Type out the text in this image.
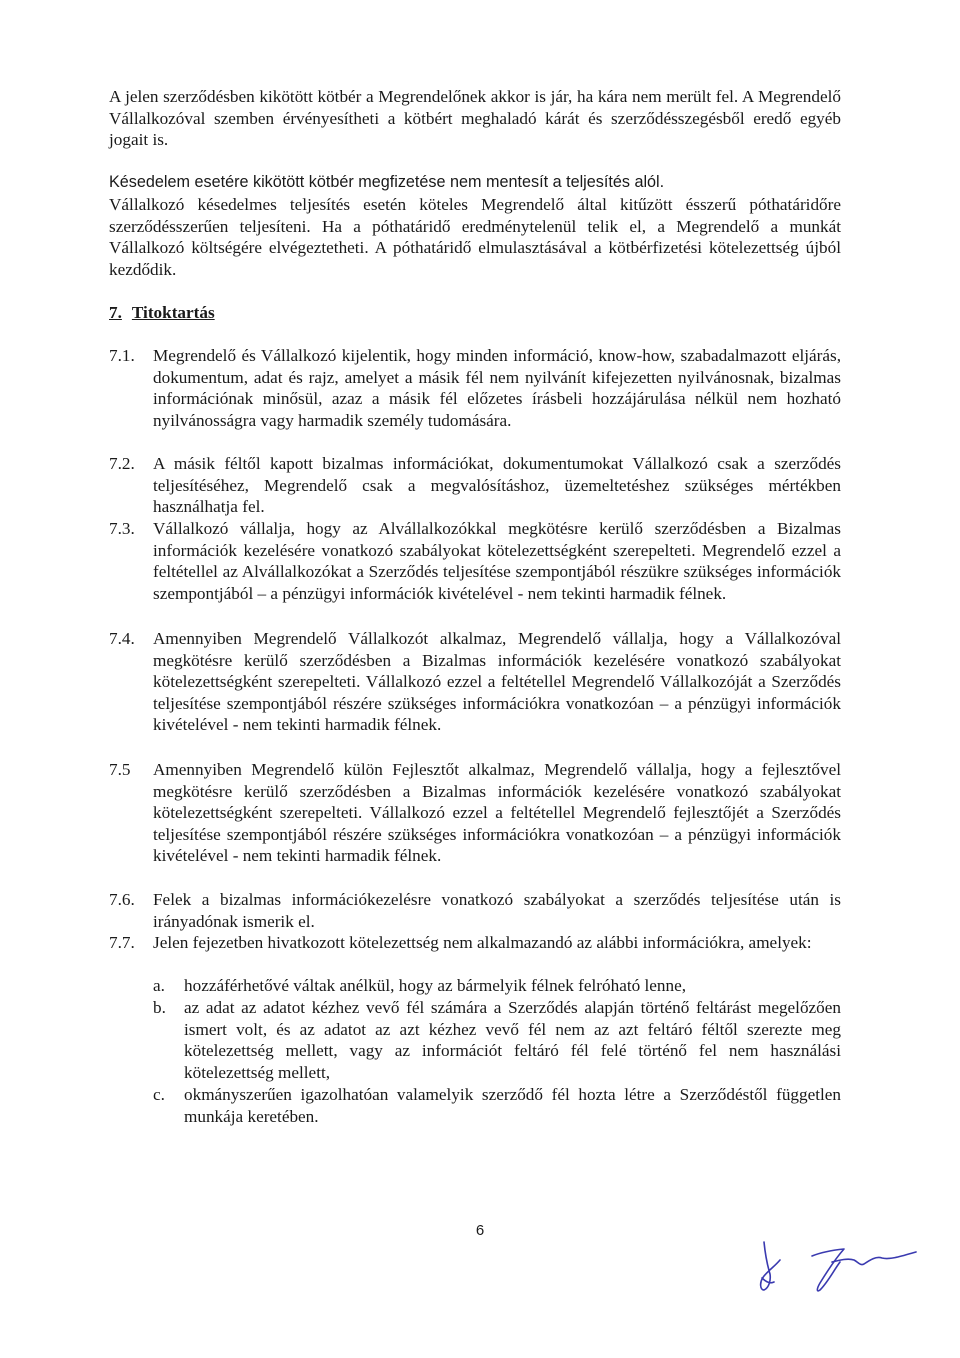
A jelen szerződésben kikötött kötbér a Megrendelőnek akkor is jár, ha kára nem merült fel. A Megrendelő Vállalkozóval szemben érvényesítheti a kötbért meghaladó kárát és szerződésszegésből eredő egyéb jogait is.

Késedelem esetére kikötött kötbér megfizetése nem mentesít a teljesítés alól.

Vállalkozó késedelmes teljesítés esetén köteles Megrendelő által kitűzött ésszerű póthatáridőre szerződésszerűen teljesíteni. Ha a póthatáridő eredménytelenül telik el, a Megrendelő a munkát Vállalkozó költségére elvégeztetheti. A póthatáridő elmulasztásával a kötbérfizetési kötelezettség újból kezdődik.

7. Titoktartás
7.1. Megrendelő és Vállalkozó kijelentik, hogy minden információ, know-how, szabadalmazott eljárás, dokumentum, adat és rajz, amelyet a másik fél nem nyilvánít kifejezetten nyilvánosnak, bizalmas információnak minősül, azaz a másik fél előzetes írásbeli hozzájárulása nélkül nem hozható nyilvánosságra vagy harmadik személy tudomására.
7.2. A másik féltől kapott bizalmas információkat, dokumentumokat Vállalkozó csak a szerződés teljesítéséhez, Megrendelő csak a megvalósításhoz, üzemeltetéshez szükséges mértékben használhatja fel.
7.3. Vállalkozó vállalja, hogy az Alvállalkozókkal megkötésre kerülő szerződésben a Bizalmas információk kezelésére vonatkozó szabályokat kötelezettségként szerepelteti. Megrendelő ezzel a feltétellel az Alvállalkozókat a Szerződés teljesítése szempontjából részükre szükséges információk szempontjából – a pénzügyi információk kivételével - nem tekinti harmadik félnek.
7.4. Amennyiben Megrendelő Vállalkozót alkalmaz, Megrendelő vállalja, hogy a Vállalkozóval megkötésre kerülő szerződésben a Bizalmas információk kezelésére vonatkozó szabályokat kötelezettségként szerepelteti. Vállalkozó ezzel a feltétellel Megrendelő Vállalkozóját a Szerződés teljesítése szempontjából részére szükséges információkra vonatkozóan – a pénzügyi információk kivételével - nem tekinti harmadik félnek.
7.5 Amennyiben Megrendelő külön Fejlesztőt alkalmaz, Megrendelő vállalja, hogy a fejlesztővel megkötésre kerülő szerződésben a Bizalmas információk kezelésére vonatkozó szabályokat kötelezettségként szerepelteti. Vállalkozó ezzel a feltétellel Megrendelő fejlesztőjét a Szerződés teljesítése szempontjából részére szükséges információkra vonatkozóan – a pénzügyi információk kivételével - nem tekinti harmadik félnek.
7.6. Felek a bizalmas információkezelésre vonatkozó szabályokat a szerződés teljesítése után is irányadónak ismerik el.
7.7. Jelen fejezetben hivatkozott kötelezettség nem alkalmazandó az alábbi információkra, amelyek:
a. hozzáférhetővé váltak anélkül, hogy az bármelyik félnek felróható lenne,
b. az adat az adatot kézhez vevő fél számára a Szerződés alapján történő feltárást megelőzően ismert volt, és az adatot az azt kézhez vevő fél nem az azt feltáró féltől szerezte meg kötelezettség mellett, vagy az információt feltáró fél felé történő fel nem használási kötelezettség mellett,
c. okmányszerűen igazolhatóan valamelyik szerződő fél hozta létre a Szerződéstől független munkája keretében.
6
